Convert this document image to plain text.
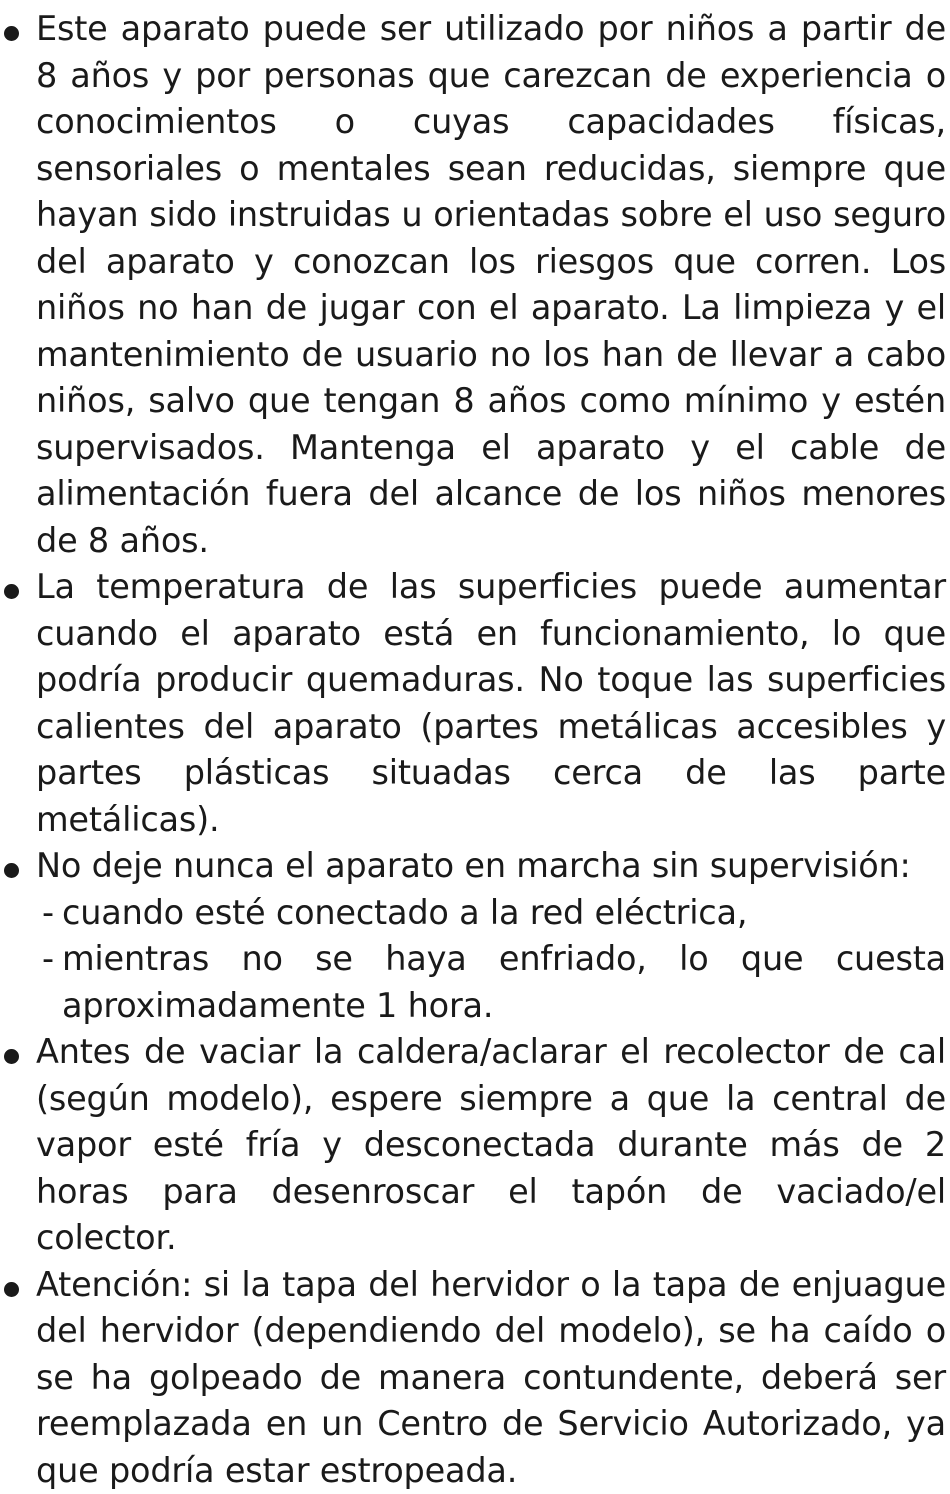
Este aparato puede ser utilizado por niños a partir de 8 años y por personas que carezcan de experiencia o conocimientos o cuyas capacidades físicas, sensoriales o mentales sean reducidas, siempre que hayan sido instruidas u orientadas sobre el uso seguro del aparato y conozcan los riesgos que corren. Los niños no han de jugar con el aparato. La limpieza y el mantenimiento de usuario no los han de llevar a cabo niños, salvo que tengan 8 años como mínimo y estén supervisados. Mantenga el aparato y el cable de alimentación fuera del alcance de los niños menores de 8 años.
La temperatura de las superficies puede aumentar cuando el aparato está en funcionamiento, lo que podría producir quemaduras. No toque las superficies calientes del aparato (partes metálicas accesibles y partes plásticas situadas cerca de las parte metálicas).
No deje nunca el aparato en marcha sin supervisión:
- cuando esté conectado a la red eléctrica,
- mientras no se haya enfriado, lo que cuesta aproximadamente 1 hora.
Antes de vaciar la caldera/aclarar el recolector de cal (según modelo), espere siempre a que la central de vapor esté fría y desconectada durante más de 2 horas para desenroscar el tapón de vaciado/el colector.
Atención: si la tapa del hervidor o la tapa de enjuague del hervidor (dependiendo del modelo), se ha caído o se ha golpeado de manera contundente, deberá ser reemplazada en un Centro de Servicio Autorizado, ya que podría estar estropeada.
